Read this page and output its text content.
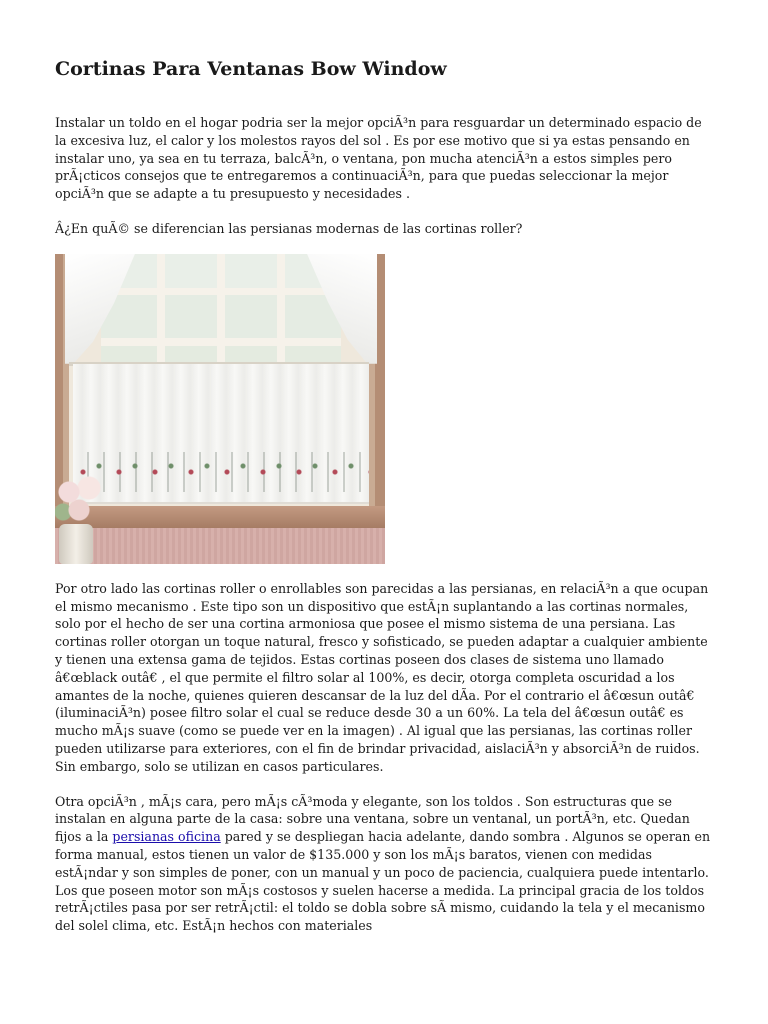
Cortinas Para Ventanas Bow Window

Instalar un toldo en el hogar podria ser la mejor opciÃ³n para resguardar un determinado espacio de la excesiva luz, el calor y los molestos rayos del sol . Es por ese motivo que si ya estas pensando en instalar uno, ya sea en tu terraza, balcÃ³n, o ventana, pon mucha atenciÃ³n a estos simples pero prÃ¡cticos consejos que te entregaremos a continuaciÃ³n, para que puedas seleccionar la mejor opciÃ³n que se adapte a tu presupuesto y necesidades .

Â¿En quÃ© se diferencian las persianas modernas de las cortinas roller?

Por otro lado las cortinas roller o enrollables son parecidas a las persianas, en relaciÃ³n a que ocupan el mismo mecanismo . Este tipo son un dispositivo que estÃ¡n suplantando a las cortinas normales, solo por el hecho de ser una cortina armoniosa que posee el mismo sistema de una persiana. Las cortinas roller otorgan un toque natural, fresco y sofisticado, se pueden adaptar a cualquier ambiente y tienen una extensa gama de tejidos. Estas cortinas poseen dos clases de sistema uno llamado â€œblack outâ€ , el que permite el filtro solar al 100%, es decir, otorga completa oscuridad a los amantes de la noche, quienes quieren descansar de la luz del dÃa. Por el contrario el â€œsun outâ€(iluminaciÃ³n) posee filtro solar el cual se reduce desde 30 a un 60%. La tela del â€œsun outâ€ es mucho mÃ¡s suave (como se puede ver en la imagen) . Al igual que las persianas, las cortinas roller pueden utilizarse para exteriores, con el fin de brindar privacidad, aislaciÃ³n y absorciÃ³n de ruidos. Sin embargo, solo se utilizan en casos particulares.

Otra opciÃ³n , mÃ¡s cara, pero mÃ¡s cÃ³moda y elegante, son los toldos . Son estructuras que se instalan en alguna parte de la casa: sobre una ventana, sobre un ventanal, un portÃ³n, etc. Quedan fijos a la persianas oficina pared y se despliegan hacia adelante, dando sombra . Algunos se operan en forma manual, estos tienen un valor de $135.000 y son los mÃ¡s baratos, vienen con medidas estÃ¡ndar y son simples de poner, con un manual y un poco de paciencia, cualquiera puede intentarlo. Los que poseen motor son mÃ¡s costosos y suelen hacerse a medida. La principal gracia de los toldos retrÃ¡ctiles pasa por ser retrÃ¡ctil: el toldo se dobla sobre sÃ mismo, cuidando la tela y el mecanismo del solel clima, etc. EstÃ¡n hechos con materiales
